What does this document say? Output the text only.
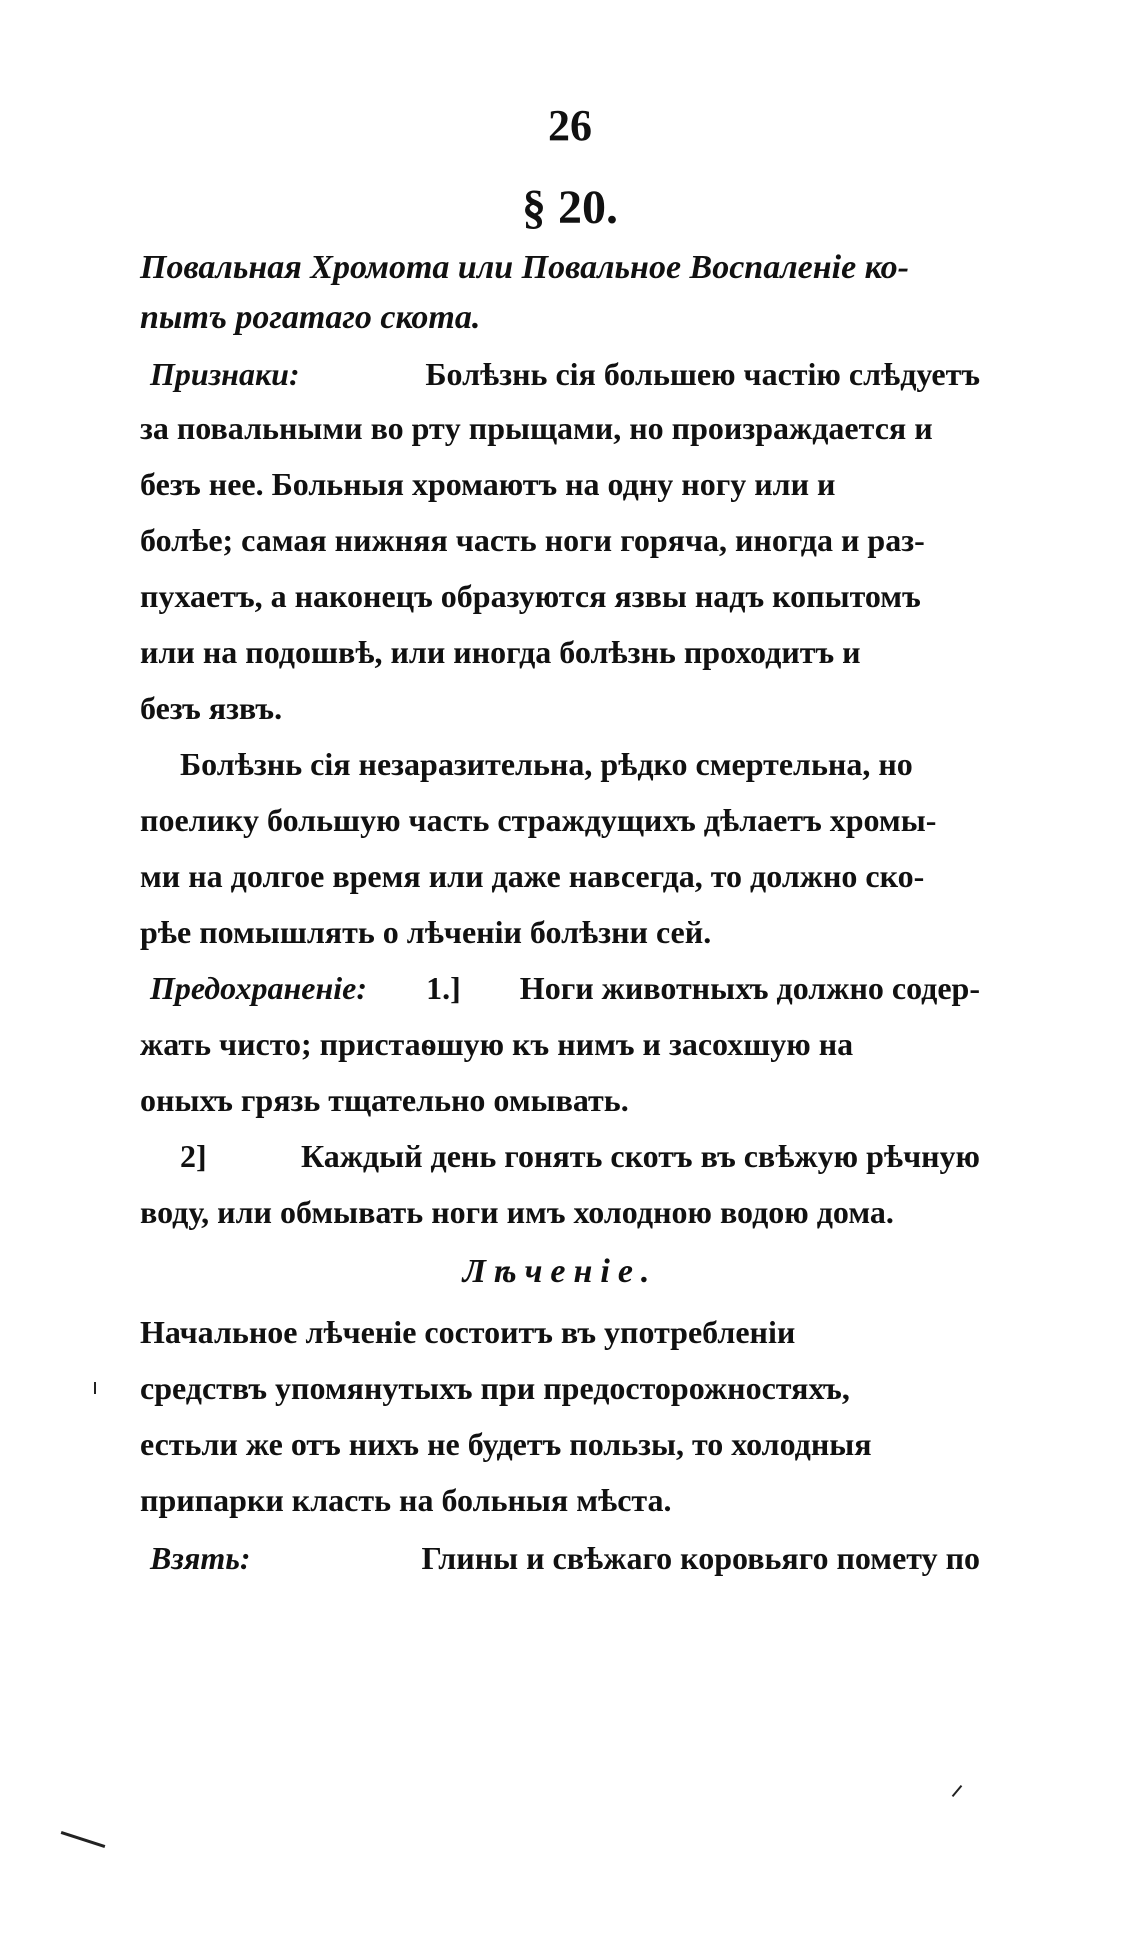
26
§ 20.
Повальная Хромота или Повальное Воспаленіе ко-
пытъ рогатаго скота.
Признаки:	Болѣзнь сія большею частію слѣдуетъ
за повальными во ртy прыщами, но произраждается и
безъ нее. Больныя хромаютъ на одну ногу или и
болѣе; самая нижняя часть ноги горяча, иногда и раз-
пухаетъ, а наконецъ образуются язвы надъ копытомъ
или на подошвѣ, или иногда болѣзнь проходитъ и
безъ язвъ.
Болѣзнь сія незаразительна, рѣдко смертельна, но
поелику большую часть страждущихъ дѣлаетъ хромы-
ми на долгое время или даже навсегда, то должно ско-
рѣе помышлять о лѣченіи болѣзни сей.
Предохраненіе: 1.] Ноги животныхъ должно содер-
жать чисто; пристаѳшую къ нимъ и засохшую на
оныхъ грязь тщательно омывать.
2]	Каждый день гонять скотъ въ свѣжую рѣчную
воду, или обмывать ноги имъ холодною водою дома.
Лѣченіе.
Начальное лѣченіе состоитъ въ употребленіи
средствъ упомянутыхъ при предосторожностяхъ,
естьли же отъ нихъ не будетъ пользы, то холодныя
припарки класть на больныя мѣста.
Взять:	Глины и свѣжаго коровьяго помету по
